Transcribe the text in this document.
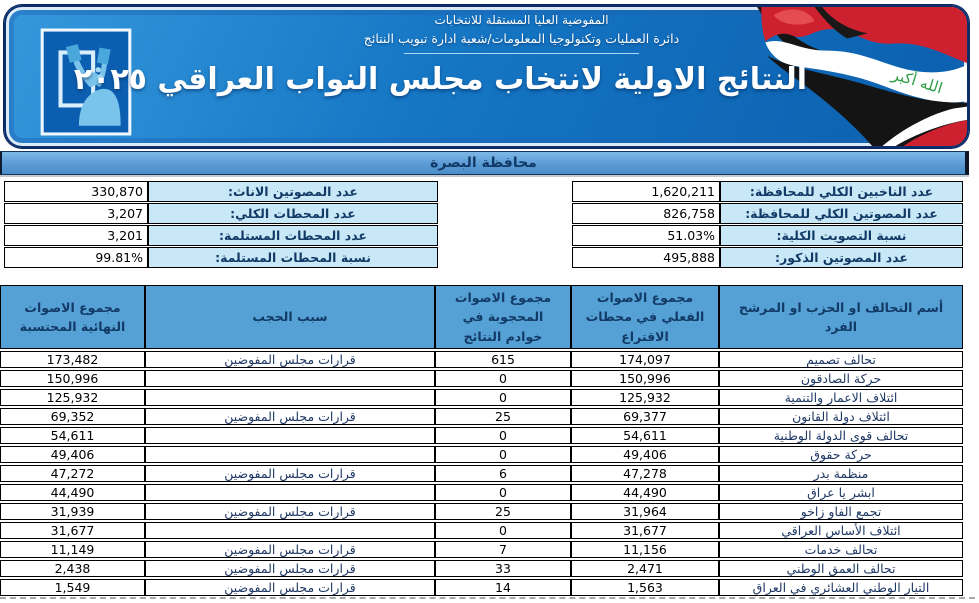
الله أكبر
المفوضية العليا المستقلة للانتخابات
دائرة العمليات وتكنولوجيا المعلومات/شعبة ادارة تبويب النتائج
النتائج الاولية لانتخاب مجلس النواب العراقي ٢٠٢٥
محافظة البصرة
عدد الناخبين الكلي للمحافظة:
1,620,211
عدد المصوتين الاناث:
330,870
عدد المصوتين الكلي للمحافظة:
826,758
عدد المحطات الكلي:
3,207
نسبة التصويت الكلية:
51.03%
عدد المحطات المستلمة:
3,201
عدد المصوتين الذكور:
495,888
نسبة المحطات المستلمة:
99.81%
أسم التحالف او الحزب او المرشح الفرد	مجموع الاصوات الفعلي في محطات الاقتراع	مجموع الاصوات المحجوبة في خوادم النتائج	سبب الحجب	مجموع الاصوات النهائية المحتسبة
تحالف تصميم	174,097	615	قرارات مجلس المفوضين	173,482
حركة الصادقون	150,996	0		150,996
ائتلاف الاعمار والتنمية	125,932	0		125,932
ائتلاف دولة القانون	69,377	25	قرارات مجلس المفوضين	69,352
تحالف قوى الدولة الوطنية	54,611	0		54,611
حركة حقوق	49,406	0		49,406
منظمة بدر	47,278	6	قرارات مجلس المفوضين	47,272
ابشر يا عراق	44,490	0		44,490
تجمع الفاو زاخو	31,964	25	قرارات مجلس المفوضين	31,939
ائتلاف الأساس العراقي	31,677	0		31,677
تحالف خدمات	11,156	7	قرارات مجلس المفوضين	11,149
تحالف العمق الوطني	2,471	33	قرارات مجلس المفوضين	2,438
التيار الوطني العشائري في العراق	1,563	14	قرارات مجلس المفوضين	1,549
